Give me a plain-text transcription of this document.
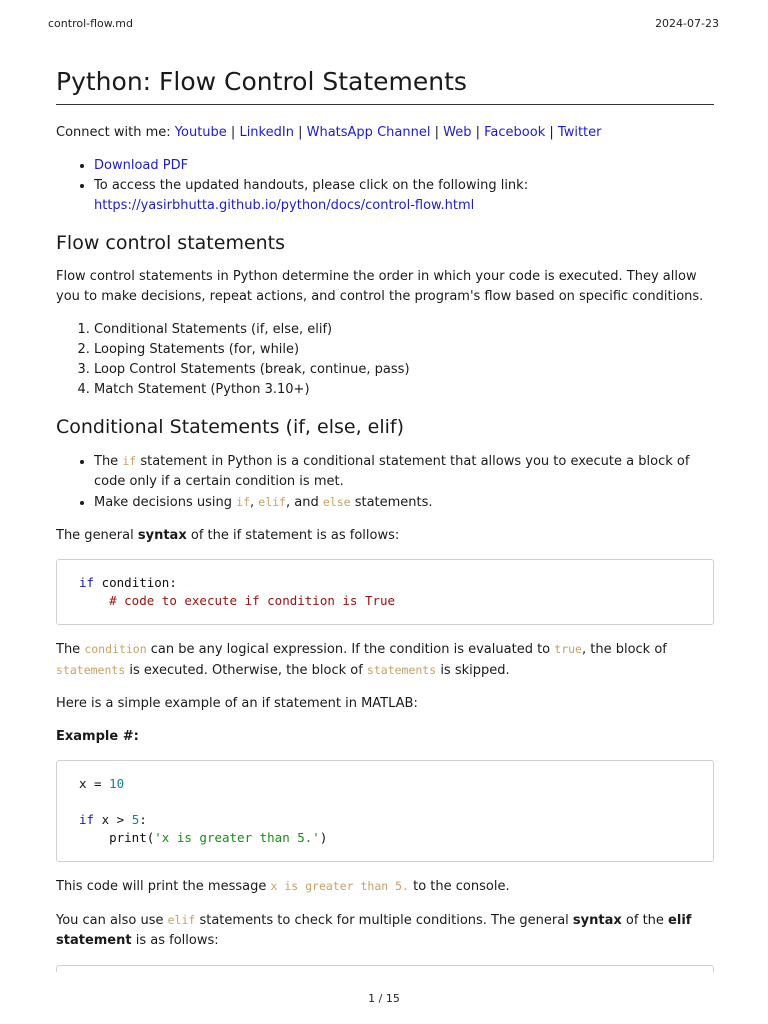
control-flow.md	2024-07-23
Python: Flow Control Statements

Connect with me: Youtube | LinkedIn | WhatsApp Channel | Web | Facebook | Twitter

• Download PDF
• To access the updated handouts, please click on the following link:
https://yasirbhutta.github.io/python/docs/control-flow.html
Flow control statements

Flow control statements in Python determine the order in which your code is executed. They allow you to make decisions, repeat actions, and control the program's flow based on specific conditions.

1. Conditional Statements (if, else, elif)
2. Looping Statements (for, while)
3. Loop Control Statements (break, continue, pass)
4. Match Statement (Python 3.10+)
Conditional Statements (if, else, elif)
• The if statement in Python is a conditional statement that allows you to execute a block of code only if a certain condition is met.
• Make decisions using if, elif, and else statements.

The general syntax of the if statement is as follows:

if condition:
# code to execute if condition is True

The condition can be any logical expression. If the condition is evaluated to true, the block of statements is executed. Otherwise, the block of statements is skipped.

Here is a simple example of an if statement in MATLAB:

Example #:

x = 10

if x > 5:
print('x is greater than 5.')

This code will print the message x is greater than 5. to the console.

You can also use elif statements to check for multiple conditions. The general syntax of the elif statement is as follows:

1 / 15
